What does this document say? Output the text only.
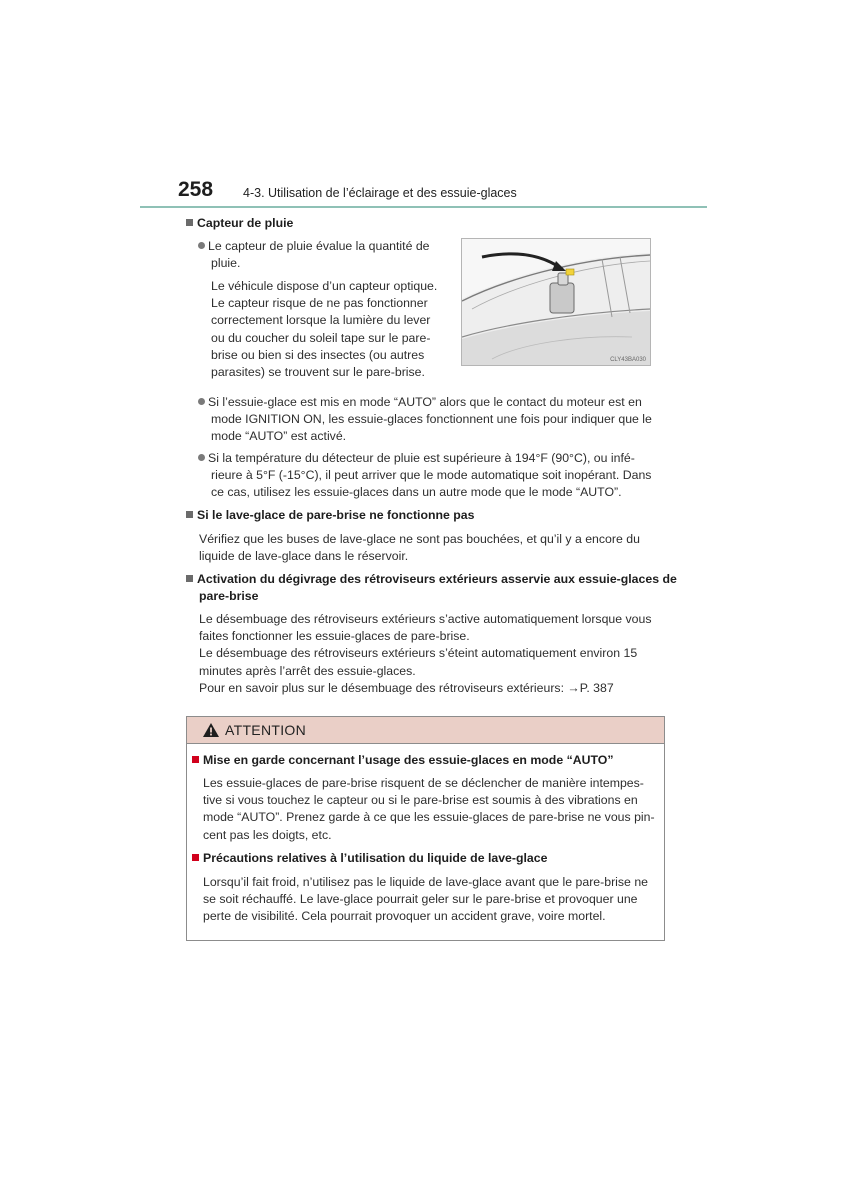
258 4-3. Utilisation de l’éclairage et des essuie-glaces
Capteur de pluie
Le capteur de pluie évalue la quantité de
pluie.
Le véhicule dispose d’un capteur optique.
Le capteur risque de ne pas fonctionner
correctement lorsque la lumière du lever
ou du coucher du soleil tape sur le pare-
brise ou bien si des insectes (ou autres
parasites) se trouvent sur le pare-brise.
CLY43BA030
Si l’essuie-glace est mis en mode “AUTO” alors que le contact du moteur est en
mode IGNITION ON, les essuie-glaces fonctionnent une fois pour indiquer que le
mode “AUTO” est activé.
Si la température du détecteur de pluie est supérieure à 194°F (90°C), ou infé-
rieure à 5°F (-15°C), il peut arriver que le mode automatique soit inopérant. Dans
ce cas, utilisez les essuie-glaces dans un autre mode que le mode “AUTO”.
Si le lave-glace de pare-brise ne fonctionne pas
Vérifiez que les buses de lave-glace ne sont pas bouchées, et qu’il y a encore du
liquide de lave-glace dans le réservoir.
Activation du dégivrage des rétroviseurs extérieurs asservie aux essuie-glaces de
pare-brise
Le désembuage des rétroviseurs extérieurs s’active automatiquement lorsque vous
faites fonctionner les essuie-glaces de pare-brise.
Le désembuage des rétroviseurs extérieurs s’éteint automatiquement environ 15
minutes après l’arrêt des essuie-glaces.
Pour en savoir plus sur le désembuage des rétroviseurs extérieurs: →P. 387
ATTENTION
Mise en garde concernant l’usage des essuie-glaces en mode “AUTO”
Les essuie-glaces de pare-brise risquent de se déclencher de manière intempes-
tive si vous touchez le capteur ou si le pare-brise est soumis à des vibrations en
mode “AUTO”. Prenez garde à ce que les essuie-glaces de pare-brise ne vous pin-
cent pas les doigts, etc.
Précautions relatives à l’utilisation du liquide de lave-glace
Lorsqu’il fait froid, n’utilisez pas le liquide de lave-glace avant que le pare-brise ne
se soit réchauffé. Le lave-glace pourrait geler sur le pare-brise et provoquer une
perte de visibilité. Cela pourrait provoquer un accident grave, voire mortel.
